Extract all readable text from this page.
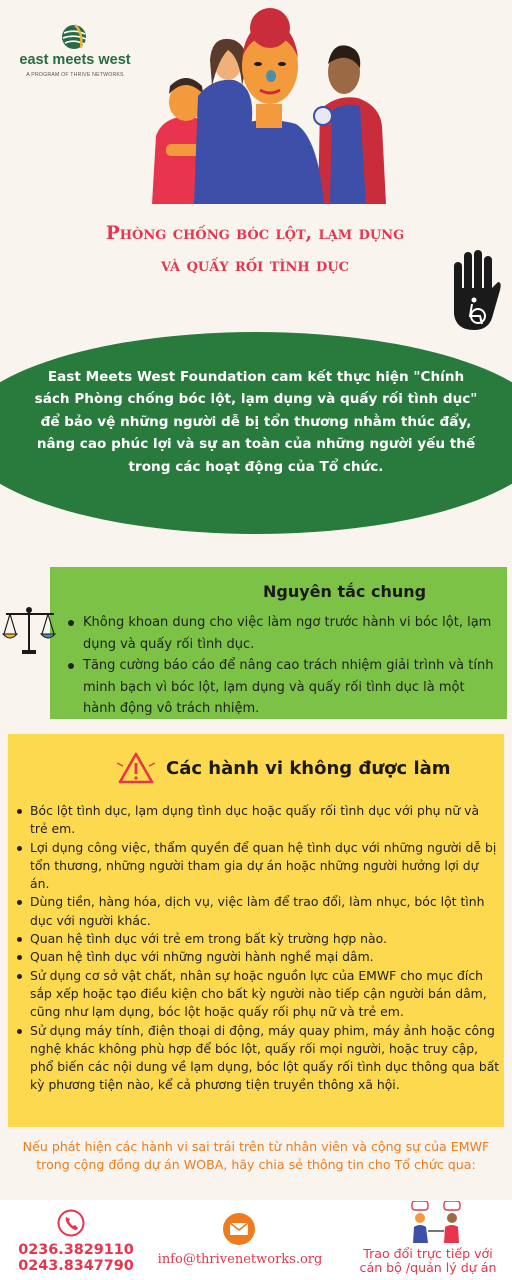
east meets west
A PROGRAM OF THRIVE NETWORKS
Phòng chống bóc lột, lạm dụng
và quấy rối tình dục
East Meets West Foundation cam kết thực hiện "Chính sách Phòng chống bóc lột, lạm dụng và quấy rối tình dục" để bảo vệ những người dễ bị tổn thương nhằm thúc đẩy, nâng cao phúc lợi và sự an toàn của những người yếu thế trong các hoạt động của Tổ chức.
Nguyên tắc chung
Không khoan dung cho việc làm ngơ trước hành vi bóc lột, lạm dụng và quấy rối tình dục.
Tăng cường báo cáo để nâng cao trách nhiệm giải trình và tính minh bạch vì bóc lột, lạm dụng và quấy rối tình dục là một hành động vô trách nhiệm.
Các hành vi không được làm
Bóc lột tình dục, lạm dụng tình dục hoặc quấy rối tình dục với phụ nữ và trẻ em.
Lợi dụng công việc, thẩm quyền để quan hệ tình dục với những người dễ bị tổn thương, những người tham gia dự án hoặc những người hưởng lợi dự án.
Dùng tiền, hàng hóa, dịch vụ, việc làm để trao đổi, làm nhục, bóc lột tình dục với người khác.
Quan hệ tình dục với trẻ em trong bất kỳ trường hợp nào.
Quan hệ tình dục với những người hành nghề mại dâm.
Sử dụng cơ sở vật chất, nhân sự hoặc nguồn lực của EMWF cho mục đích sắp xếp hoặc tạo điều kiện cho bất kỳ người nào tiếp cận người bán dâm, cũng như lạm dụng, bóc lột hoặc quấy rối phụ nữ và trẻ em.
Sử dụng máy tính, điện thoại di động, máy quay phim, máy ảnh hoặc công nghệ khác không phù hợp để bóc lột, quấy rối mọi người, hoặc truy cập, phổ biến các nội dung về lạm dụng, bóc lột quấy rối tình dục thông qua bất kỳ phương tiện nào, kể cả phương tiện truyền thông xã hội.
Nếu phát hiện các hành vi sai trái trên từ nhân viên và cộng sự của EMWF
trong cộng đồng dự án WOBA, hãy chia sẻ thông tin cho Tổ chức qua:
0236.3829110
0243.8347790	info@thrivenetworks.org	Trao đổi trực tiếp với
cán bộ /quản lý dự án
